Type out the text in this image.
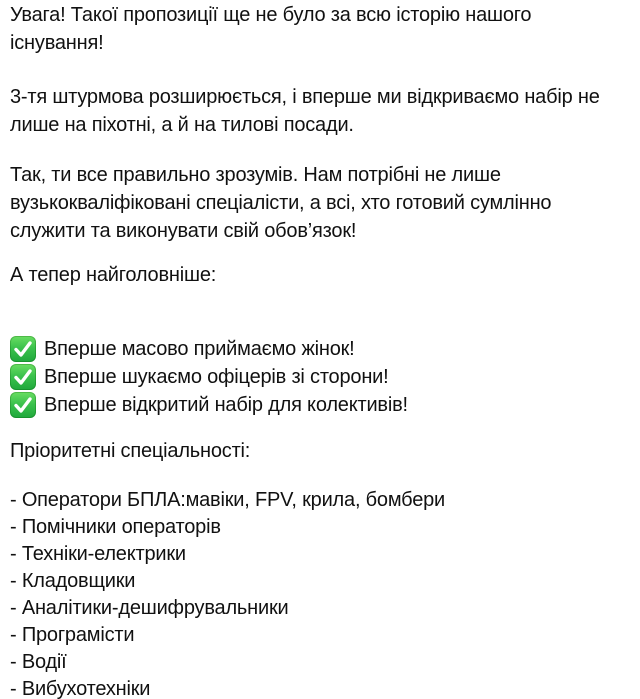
Увага! Такої пропозиції ще не було за всю історію нашого
існування!

3-тя штурмова розширюється, і вперше ми відкриваємо набір не
лише на піхотні, а й на тилові посади.

Так, ти все правильно зрозумів. Нам потрібні не лише
вузькокваліфіковані спеціалісти, а всі, хто готовий сумлінно
служити та виконувати свій обов’язок!

А тепер найголовніше:

Вперше масово приймаємо жінок!
Вперше шукаємо офіцерів зі сторони!
Вперше відкритий набір для колективів!

Пріоритетні спеціальності:

- Оператори БПЛА:мавіки, FPV, крила, бомбери
- Помічники операторів
- Техніки-електрики
- Кладовщики
- Аналітики-дешифрувальники
- Програмісти
- Водії
- Вибухотехніки
